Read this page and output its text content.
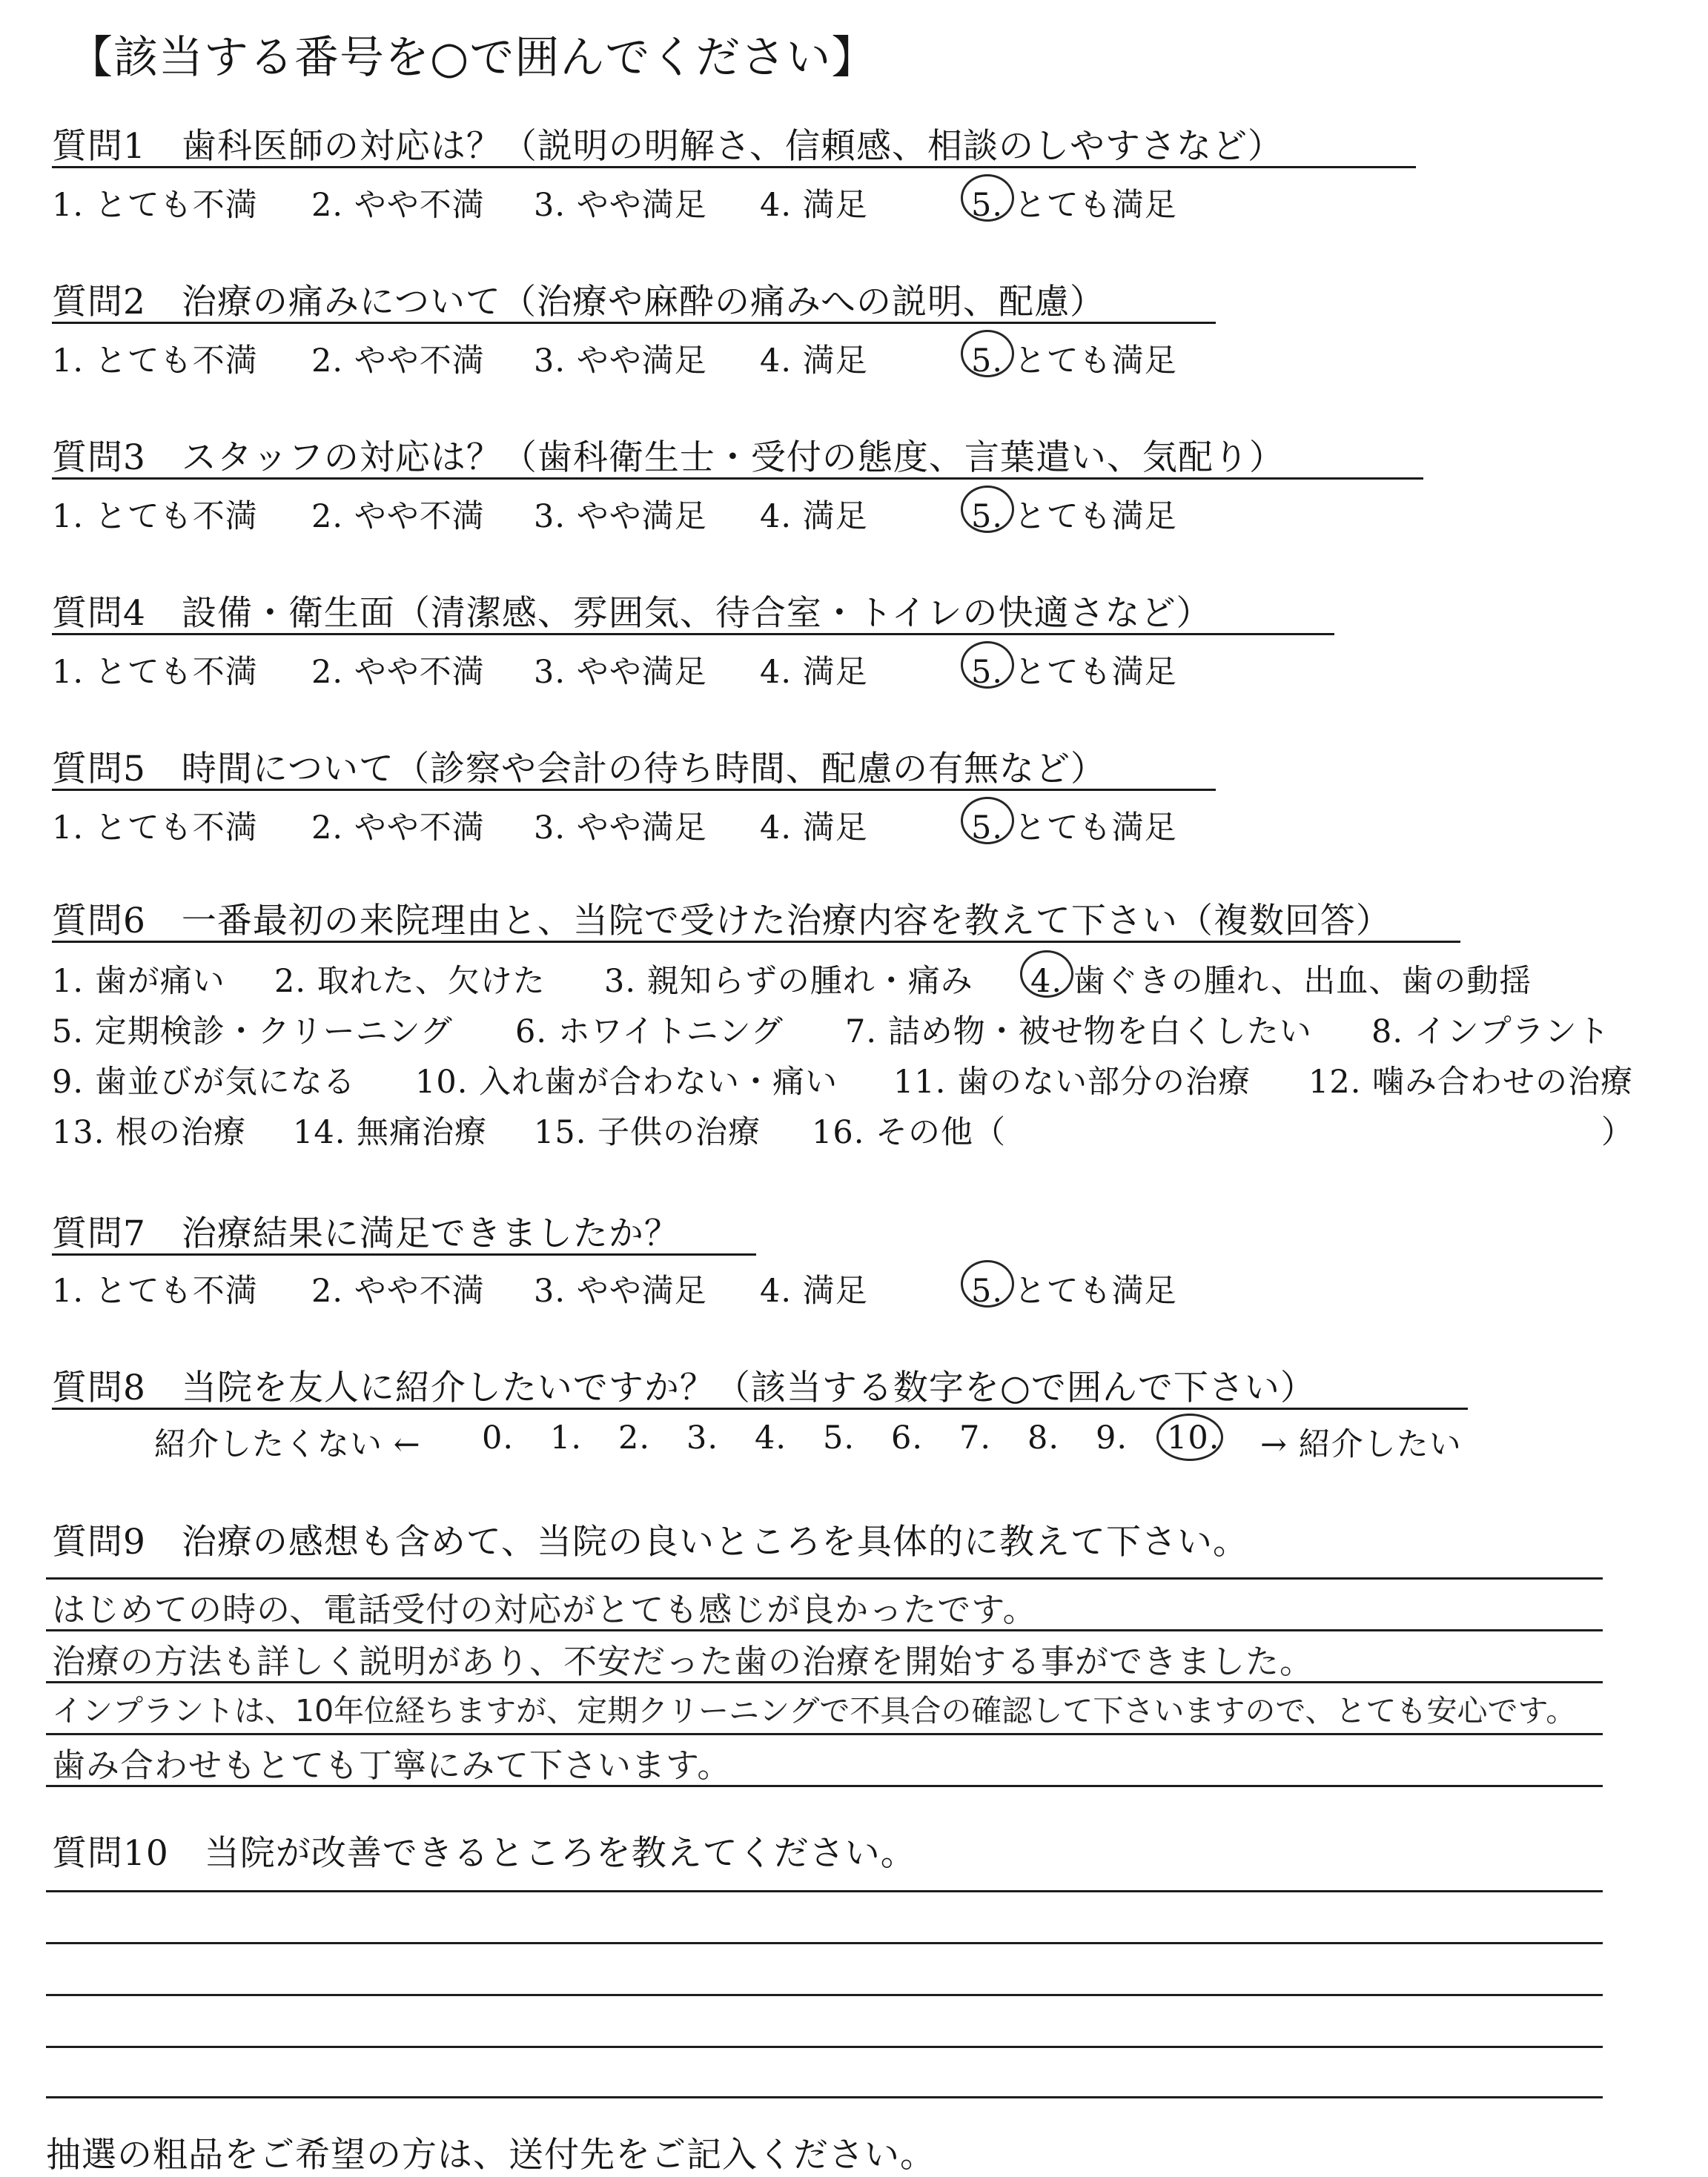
【該当する番号を○で囲んでください】
質問1　歯科医師の対応は？（説明の明解さ、信頼感、相談のしやすさなど）
1. とても不満 2. やや不満 3. やや満足 4. 満足	5. とても満足
質問2　治療の痛みについて（治療や麻酔の痛みへの説明、配慮）
1. とても不満 2. やや不満 3. やや満足 4. 満足	5. とても満足
質問3　スタッフの対応は？（歯科衛生士・受付の態度、言葉遣い、気配り）
1. とても不満 2. やや不満 3. やや満足 4. 満足	5. とても満足
質問4　設備・衛生面（清潔感、雰囲気、待合室・トイレの快適さなど）
1. とても不満 2. やや不満 3. やや満足 4. 満足	5. とても満足
質問5　時間について（診察や会計の待ち時間、配慮の有無など）
1. とても不満 2. やや不満 3. やや満足 4. 満足	5. とても満足
質問6　一番最初の来院理由と、当院で受けた治療内容を教えて下さい（複数回答）
1. 歯が痛い 2. 取れた、欠けた 3. 親知らずの腫れ・痛み 4. 歯ぐきの腫れ、出血、歯の動揺
5. 定期検診・クリーニング 6. ホワイトニング 7. 詰め物・被せ物を白くしたい 8. インプラント
9. 歯並びが気になる 10. 入れ歯が合わない・痛い 11. 歯のない部分の治療 12. 噛み合わせの治療
13. 根の治療 14. 無痛治療 15. 子供の治療 16. その他（	）
質問7　治療結果に満足できましたか？
1. とても不満 2. やや不満 3. やや満足 4. 満足	5. とても満足
質問8　当院を友人に紹介したいですか？（該当する数字を○で囲んで下さい）
紹介したくない ← 0. 1. 2. 3. 4. 5. 6. 7. 8. 9. 10. → 紹介したい
質問9　治療の感想も含めて、当院の良いところを具体的に教えて下さい。
はじめての時の、電話受付の対応がとても感じが良かったです。
治療の方法も詳しく説明があり、不安だった歯の治療を開始する事ができました。
インプラントは、10年位経ちますが、定期クリーニングで不具合の確認して下さいますので、とても安心です。
歯み合わせもとても丁寧にみて下さいます。
質問10　当院が改善できるところを教えてください。
抽選の粗品をご希望の方は、送付先をご記入ください。
